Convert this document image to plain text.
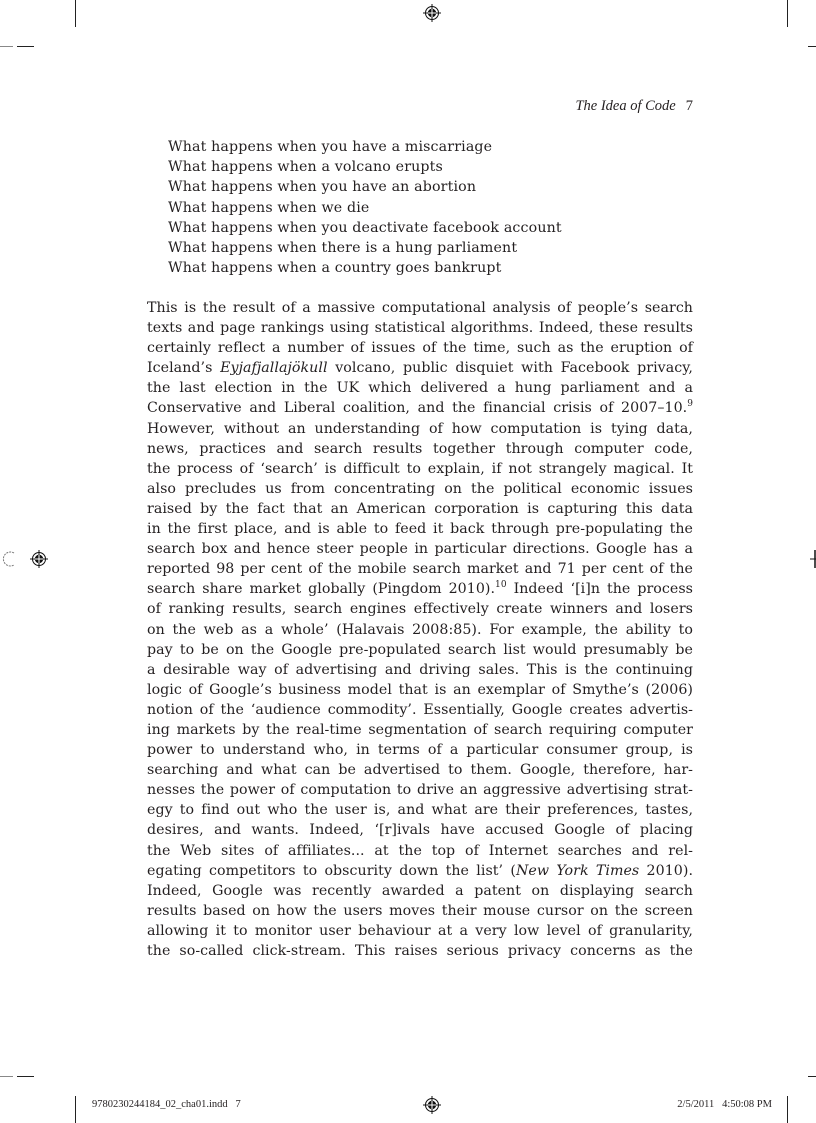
The Idea of Code 7
What happens when you have a miscarriage
What happens when a volcano erupts
What happens when you have an abortion
What happens when we die
What happens when you deactivate facebook account
What happens when there is a hung parliament
What happens when a country goes bankrupt
This is the result of a massive computational analysis of people’s search
texts and page rankings using statistical algorithms. Indeed, these results
certainly reflect a number of issues of the time, such as the eruption of
Iceland’s Eyjafjallajökull volcano, public disquiet with Facebook privacy,
the last election in the UK which delivered a hung parliament and a
Conservative and Liberal coalition, and the financial crisis of 2007–10.$^9$
However, without an understanding of how computation is tying data,
news, practices and search results together through computer code,
the process of ‘search’ is difficult to explain, if not strangely magical. It
also precludes us from concentrating on the political economic issues
raised by the fact that an American corporation is capturing this data
in the first place, and is able to feed it back through pre-populating the
search box and hence steer people in particular directions. Google has a
reported 98 per cent of the mobile search market and 71 per cent of the
search share market globally (Pingdom 2010).$^{10}$ Indeed ‘[i]n the process
of ranking results, search engines effectively create winners and losers
on the web as a whole’ (Halavais 2008:85). For example, the ability to
pay to be on the Google pre-populated search list would presumably be
a desirable way of advertising and driving sales. This is the continuing
logic of Google’s business model that is an exemplar of Smythe’s (2006)
notion of the ‘audience commodity’. Essentially, Google creates advertis-
ing markets by the real-time segmentation of search requiring computer
power to understand who, in terms of a particular consumer group, is
searching and what can be advertised to them. Google, therefore, har-
nesses the power of computation to drive an aggressive advertising strat-
egy to find out who the user is, and what are their preferences, tastes,
desires, and wants. Indeed, ‘[r]ivals have accused Google of placing
the Web sites of affiliates... at the top of Internet searches and rel-
egating competitors to obscurity down the list’ (New York Times 2010).
Indeed, Google was recently awarded a patent on displaying search
results based on how the users moves their mouse cursor on the screen
allowing it to monitor user behaviour at a very low level of granularity,
the so-called click-stream. This raises serious privacy concerns as the
9780230244184_02_cha01.indd   7	2/5/2011   4:50:08 PM
